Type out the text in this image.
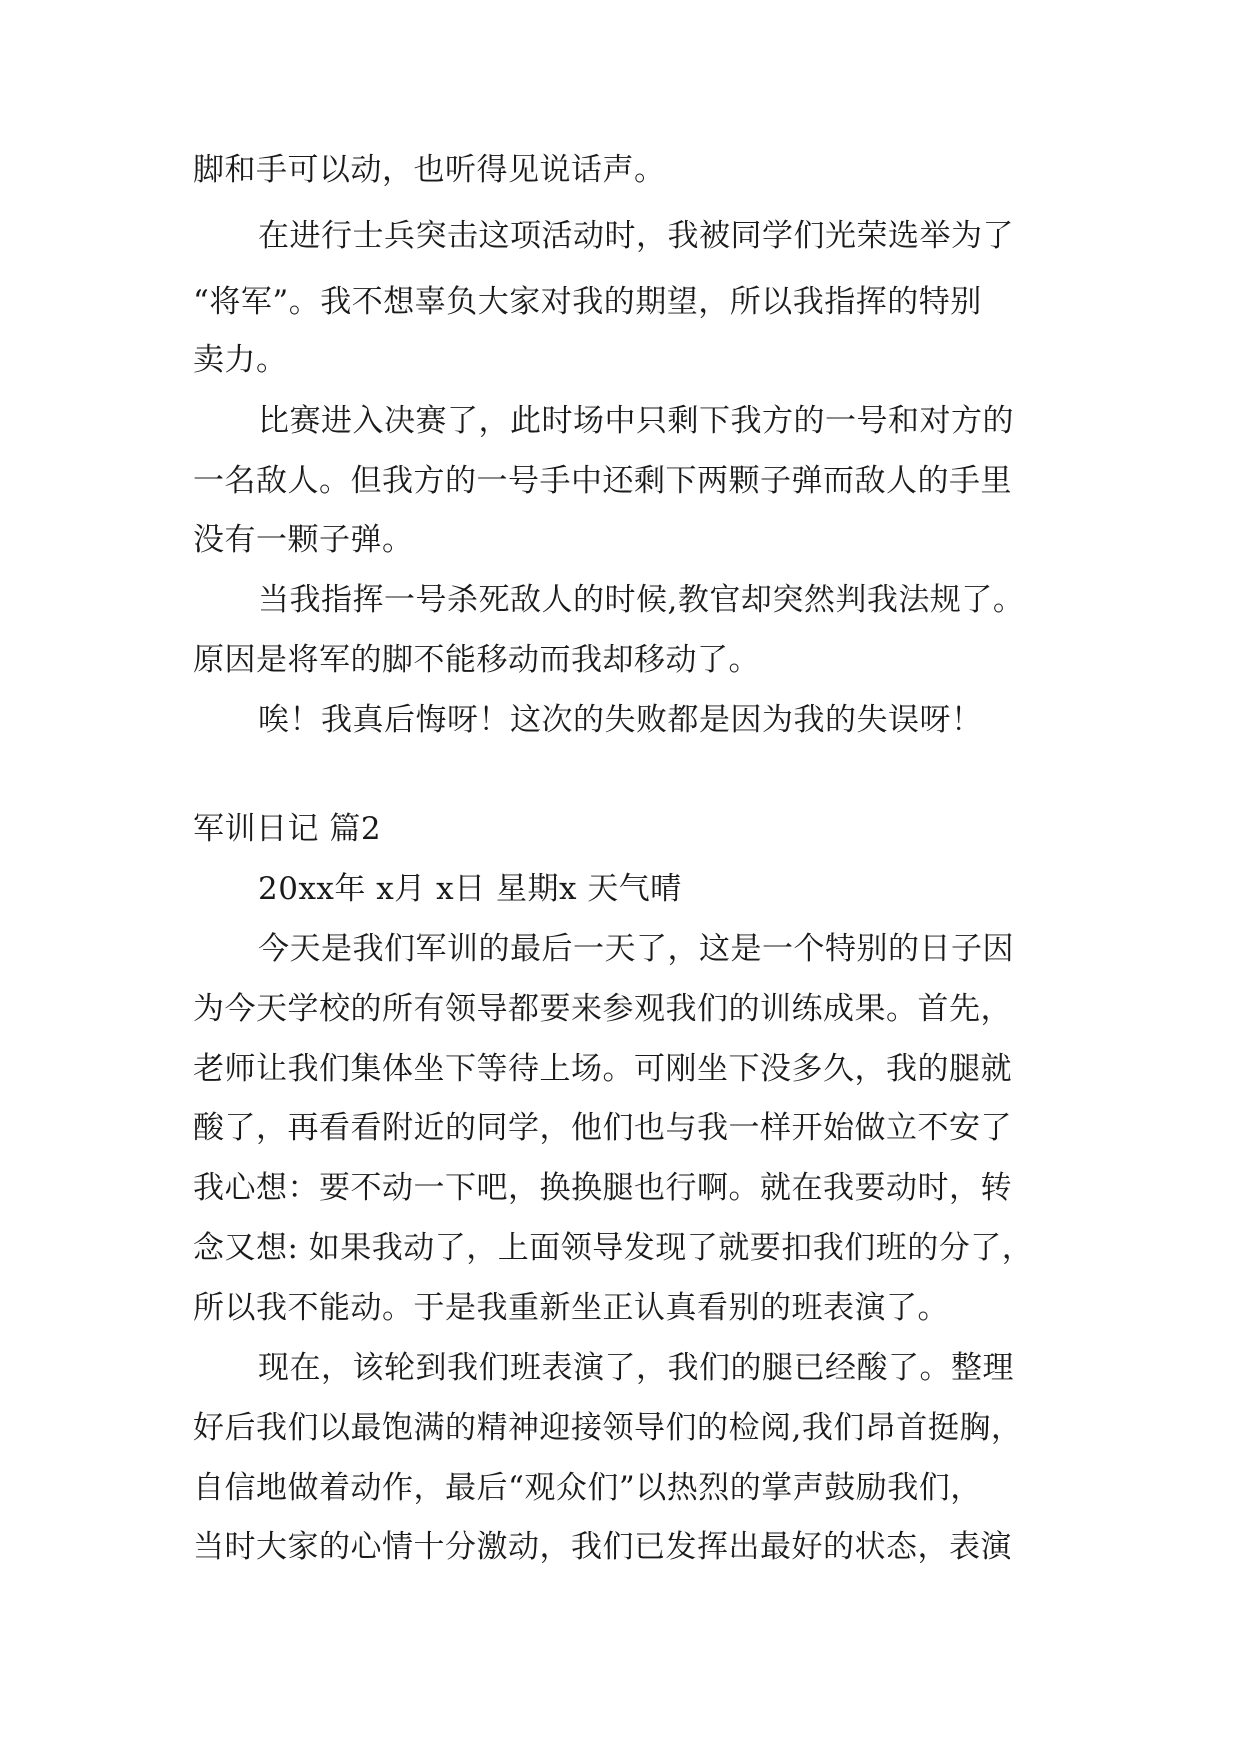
脚和手可以动，也听得见说话声。
在进行士兵突击这项活动时，我被同学们光荣选举为了
“将军”。我不想辜负大家对我的期望，所以我指挥的特别
卖力。
比赛进入决赛了，此时场中只剩下我方的一号和对方的
一名敌人。但我方的一号手中还剩下两颗子弹而敌人的手里
没有一颗子弹。
当我指挥一号杀死敌人的时候,教官却突然判我法规了。
原因是将军的脚不能移动而我却移动了。
唉！我真后悔呀！这次的失败都是因为我的失误呀！
军训日记 篇2
20xx年 x月 x日 星期x 天气晴
今天是我们军训的最后一天了，这是一个特别的日子因
为今天学校的所有领导都要来参观我们的训练成果。首先，
老师让我们集体坐下等待上场。可刚坐下没多久，我的腿就
酸了，再看看附近的同学，他们也与我一样开始做立不安了
我心想：要不动一下吧，换换腿也行啊。就在我要动时，转
念又想: 如果我动了，上面领导发现了就要扣我们班的分了，
所以我不能动。于是我重新坐正认真看别的班表演了。
现在，该轮到我们班表演了，我们的腿已经酸了。整理
好后我们以最饱满的精神迎接领导们的检阅,我们昂首挺胸，
自信地做着动作，最后“观众们”以热烈的掌声鼓励我们，
当时大家的心情十分激动，我们已发挥出最好的状态，表演
